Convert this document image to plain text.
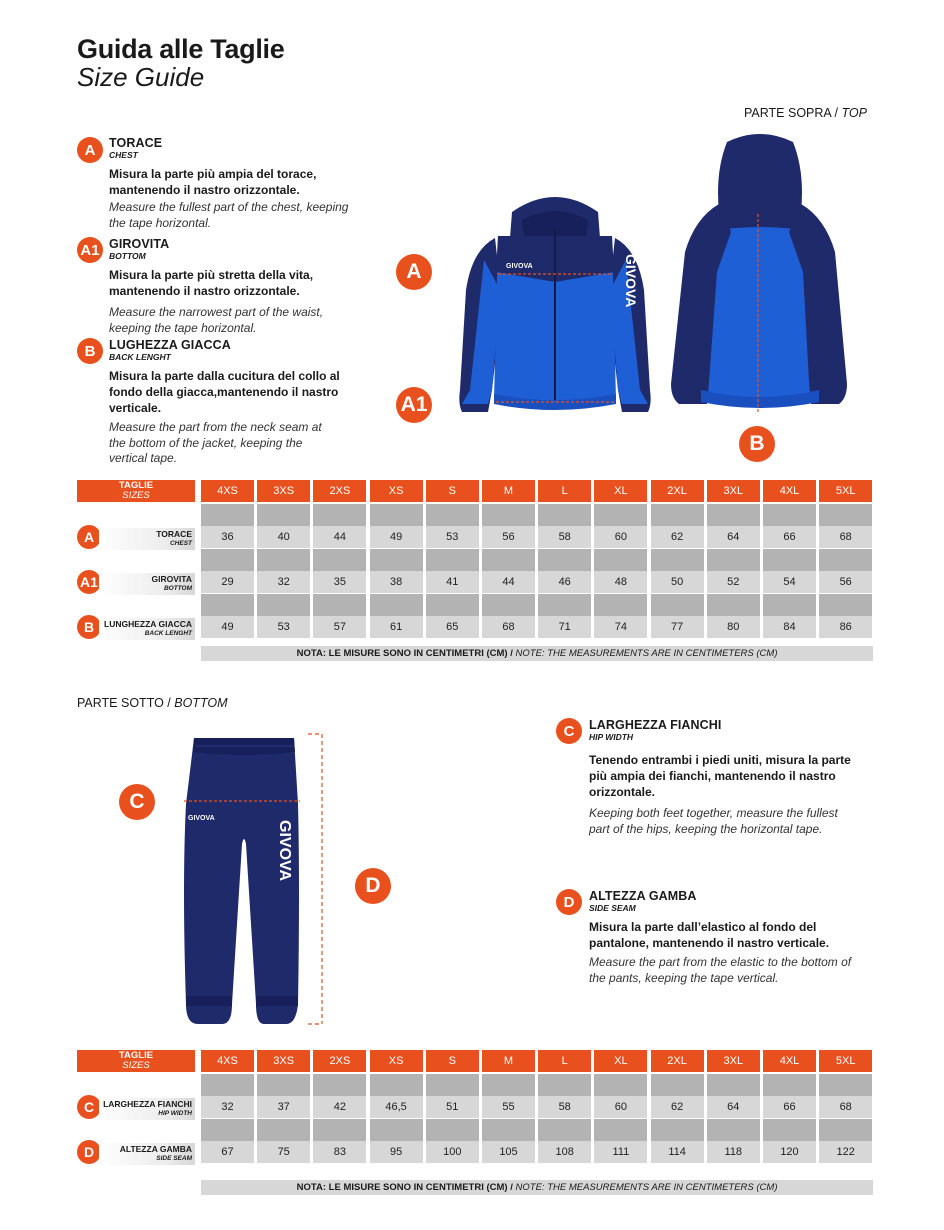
Guida alle Taglie
Size Guide
PARTE SOPRA / TOP
A	TORACE
CHEST
Misura la parte più ampia del torace, mantenendo il nastro orizzontale.
Measure the fullest part of the chest, keeping the tape horizontal.
A1 GIROVITA
BOTTOM
Misura la parte più stretta della vita, mantenendo il nastro orizzontale.
Measure the narrowest part of the waist, keeping the tape horizontal.
B	LUGHEZZA GIACCA
BACK LENGHT
Misura la parte dalla cucitura del collo al fondo della giacca,mantenendo il nastro verticale.
Measure the part from the neck seam at the bottom of the jacket, keeping the vertical tape.
GIVOVA	GIVOVA
A
A1
B
TAGLIE
SIZES	4XS	3XS	2XS	XS	S	M	L	XL	2XL	3XL	4XL	5XL
A	TORACE
CHEST
36	40	44	49	53	56	58	60	62	64	66	68
A1	GIROVITA
BOTTOM
29	32	35	38	41	44	46	48	50	52	54	56
B	LUNGHEZZA GIACCA
BACK LENGHT
49	53	57	61	65	68	71	74	77	80	84	86
NOTA: LE MISURE SONO IN CENTIMETRI (CM) / NOTE: THE MEASUREMENTS ARE IN CENTIMETERS (CM)
PARTE SOTTO / BOTTOM
GIVOVA
GIVOVA
C
D
C	LARGHEZZA FIANCHI
HIP WIDTH
Tenendo entrambi i piedi uniti, misura la parte più ampia dei fianchi, mantenendo il nastro orizzontale.
Keeping both feet together, measure the fullest part of the hips, keeping the horizontal tape.
D	ALTEZZA GAMBA
SIDE SEAM
Misura la parte dall’elastico al fondo del pantalone, mantenendo il nastro verticale.
Measure the part from the elastic to the bottom of the pants, keeping the tape vertical.
TAGLIE
SIZES	4XS	3XS	2XS	XS	S	M	L	XL	2XL	3XL	4XL	5XL
C	LARGHEZZA FIANCHI
HIP WIDTH
32	37	42	46,5	51	55	58	60	62	64	66	68
D	ALTEZZA GAMBA
SIDE SEAM
67	75	83	95	100	105	108	111	114	118	120	122
NOTA: LE MISURE SONO IN CENTIMETRI (CM) / NOTE: THE MEASUREMENTS ARE IN CENTIMETERS (CM)
